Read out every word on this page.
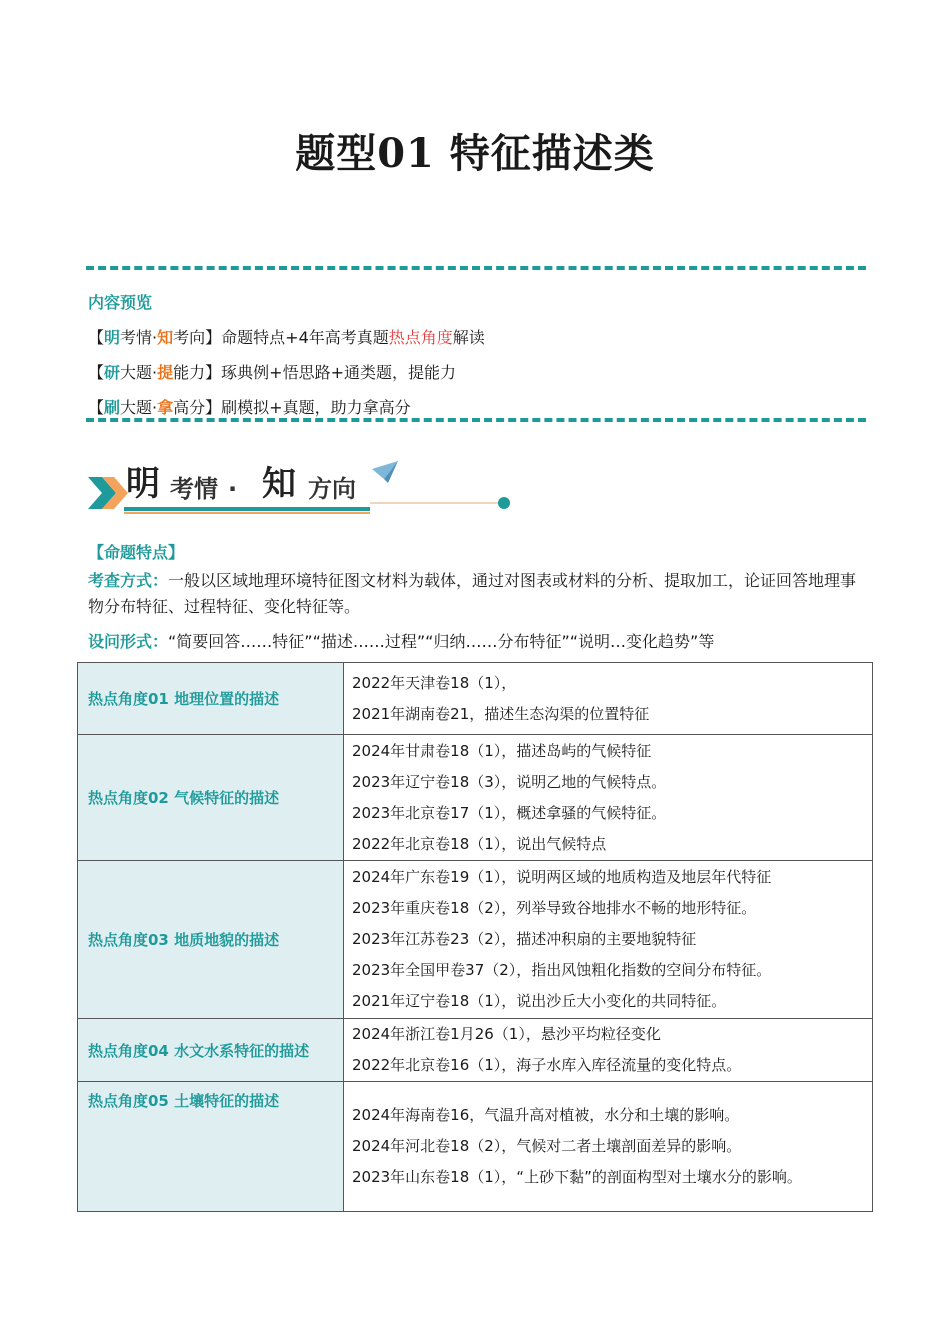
题型01 特征描述类
内容预览
【明考情·知考向】命题特点+4年高考真题热点角度解读
【研大题·提能力】琢典例+悟思路+通类题，提能力
【刷大题·拿高分】刷模拟+真题，助力拿高分
明 考情 · 知 方向
【命题特点】
考查方式：一般以区域地理环境特征图文材料为载体，通过对图表或材料的分析、提取加工，论证回答地理事物分布特征、过程特征、变化特征等。
设问形式：“简要回答……特征”“描述……过程”“归纳……分布特征”“说明…变化趋势”等
热点角度01 地理位置的描述	2022年天津卷18（1），
2021年湖南卷21，描述生态沟渠的位置特征

热点角度02 气候特征的描述	2024年甘肃卷18（1），描述岛屿的气候特征
2023年辽宁卷18（3），说明乙地的气候特点。
2023年北京卷17（1），概述拿骚的气候特征。
2022年北京卷18（1），说出气候特点

热点角度03 地质地貌的描述	2024年广东卷19（1），说明两区域的地质构造及地层年代特征
2023年重庆卷18（2），列举导致谷地排水不畅的地形特征。
2023年江苏卷23（2），描述冲积扇的主要地貌特征
2023年全国甲卷37（2），指出风蚀粗化指数的空间分布特征。
2021年辽宁卷18（1），说出沙丘大小变化的共同特征。

热点角度04 水文水系特征的描述	2024年浙江卷1月26（1），悬沙平均粒径变化
2022年北京卷16（1），海子水库入库径流量的变化特点。

热点角度05 土壤特征的描述	2024年海南卷16，气温升高对植被，水分和土壤的影响。
2024年河北卷18（2），气候对二者土壤剖面差异的影响。
2023年山东卷18（1），“上砂下黏”的剖面构型对土壤水分的影响。
